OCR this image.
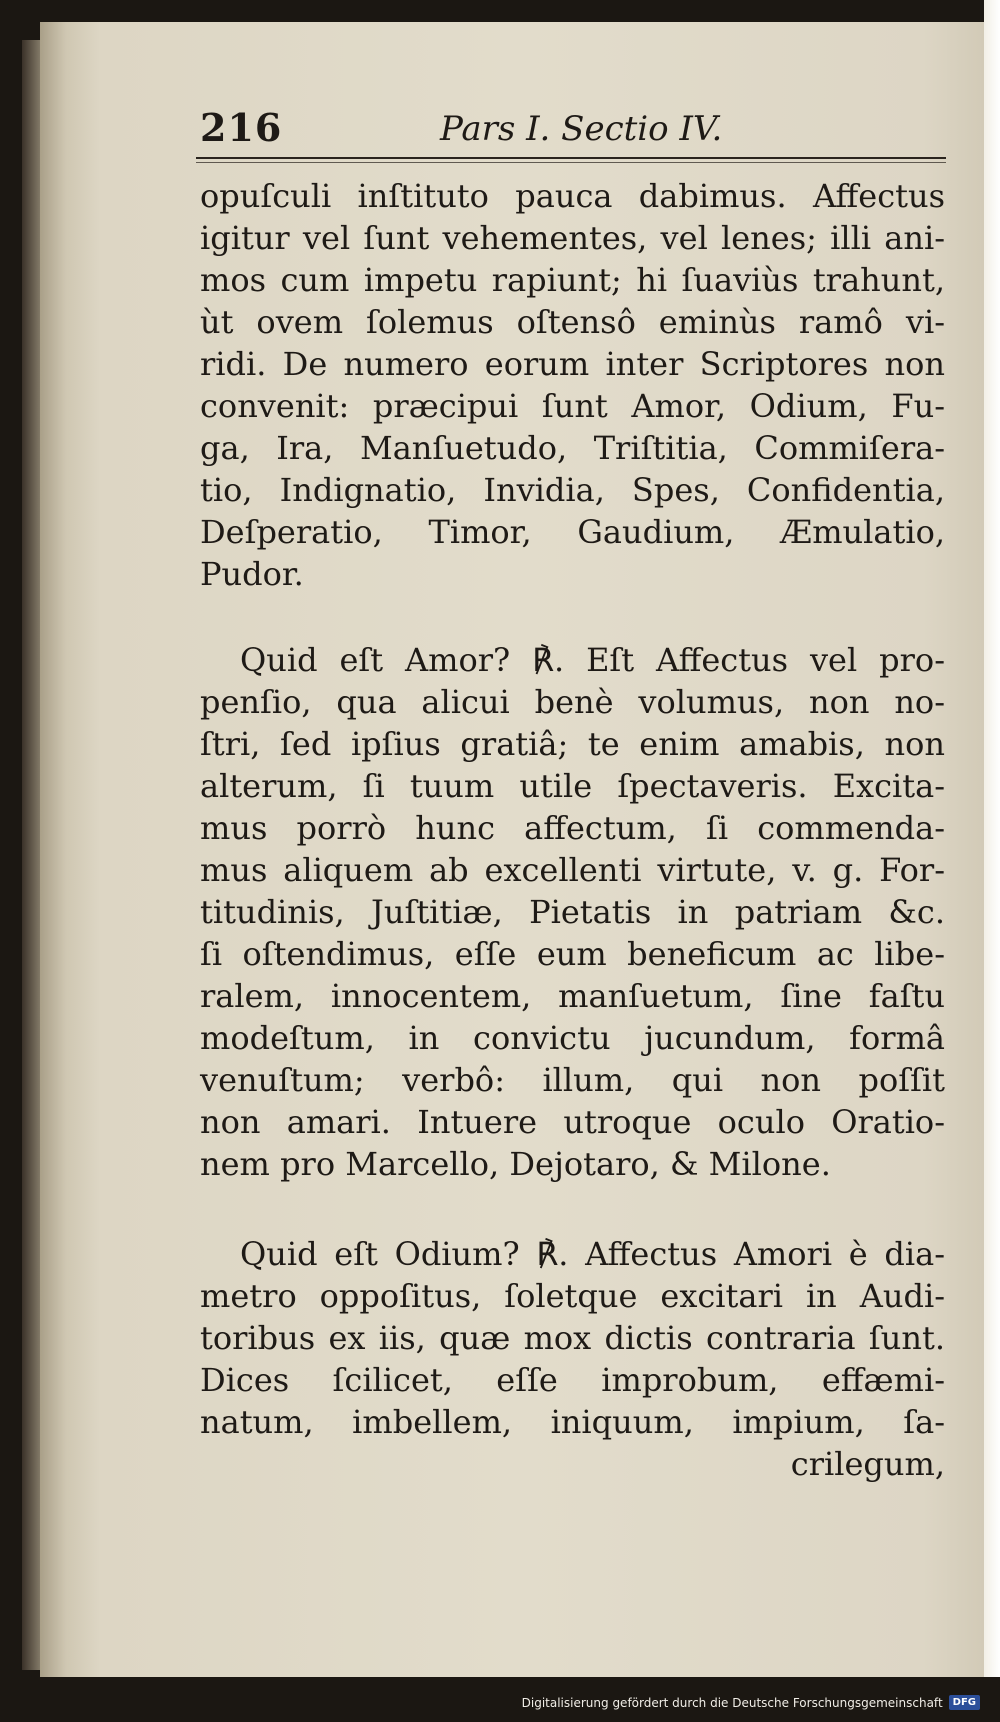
216	Pars I. Sectio IV.
opuſculi inſtituto pauca dabimus. Affectus
igitur vel ſunt vehementes, vel lenes; illi ani-
mos cum impetu rapiunt; hi ſuaviùs trahunt,
ùt ovem ſolemus oſtensô eminùs ramô vi-
ridi. De numero eorum inter Scriptores non
convenit: præcipui ſunt Amor, Odium, Fu-
ga, Ira, Manſuetudo, Triſtitia, Commiſera-
tio, Indignatio, Invidia, Spes, Confidentia,
Deſperatio, Timor, Gaudium, Æmulatio,
Pudor.
Quid eſt Amor? ℟. Eſt Affectus vel pro-
penſio, qua alicui benè volumus, non no-
ſtri, ſed ipſius gratiâ; te enim amabis, non
alterum, ſi tuum utile ſpectaveris. Excita-
mus porrò hunc affectum, ſi commenda-
mus aliquem ab excellenti virtute, v. g. For-
titudinis, Juſtitiæ, Pietatis in patriam &c.
ſi oſtendimus, eſſe eum beneficum ac libe-
ralem, innocentem, manſuetum, ſine faſtu
modeſtum, in convictu jucundum, formâ
venuſtum; verbô: illum, qui non poſſit
non amari. Intuere utroque oculo Oratio-
nem pro Marcello, Dejotaro, & Milone.
Quid eſt Odium? ℟. Affectus Amori è dia-
metro oppoſitus, ſoletque excitari in Audi-
toribus ex iis, quæ mox dictis contraria ſunt.
Dices ſcilicet, eſſe improbum, effæmi-
natum, imbellem, iniquum, impium, ſa-
crilegum,
Digitalisierung gefördert durch die Deutsche Forschungsgemeinschaft	DFG
